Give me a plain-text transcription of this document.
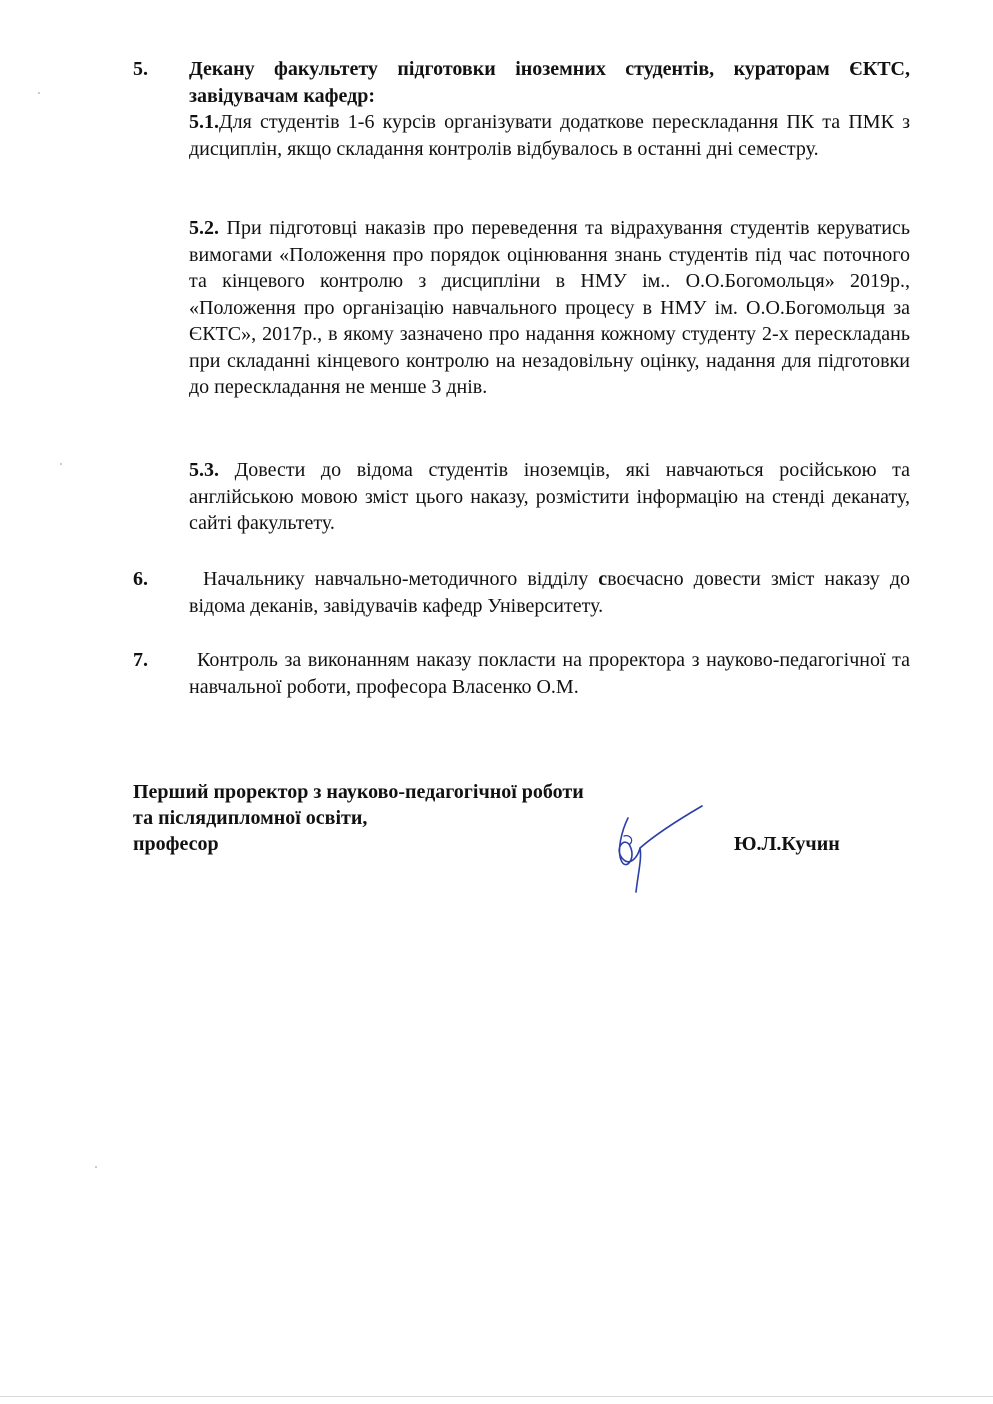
5. Декану факультету підготовки іноземних студентів, кураторам ЄКТС, завідувачам кафедр:
5.1.Для студентів 1-6 курсів організувати додаткове перескладання ПК та ПМК з дисциплін, якщо складання контролів відбувалось в останні дні семестру.
5.2. При підготовці наказів про переведення та відрахування студентів керуватись вимогами «Положення про порядок оцінювання знань студентів під час поточного та кінцевого контролю з дисципліни в НМУ ім.. О.О.Богомольця» 2019р., «Положення про організацію навчального процесу в НМУ ім. О.О.Богомольця за ЄКТС», 2017р., в якому зазначено про надання кожному студенту 2-х перескладань при складанні кінцевого контролю на незадовільну оцінку, надання для підготовки до перескладання не менше 3 днів.
5.3. Довести до відома студентів іноземців, які навчаються російською та англійською мовою зміст цього наказу, розмістити інформацію на стенді деканату, сайті факультету.
6.	Начальнику навчально-методичного відділу своєчасно довести зміст наказу до відома деканів, завідувачів кафедр Університету.
7.	Контроль за виконанням наказу покласти на проректора з науково-педагогічної та навчальної роботи, професора Власенко О.М.
Перший проректор з науково-педагогічної роботи
та післядипломної освіти,
професор	Ю.Л.Кучин
